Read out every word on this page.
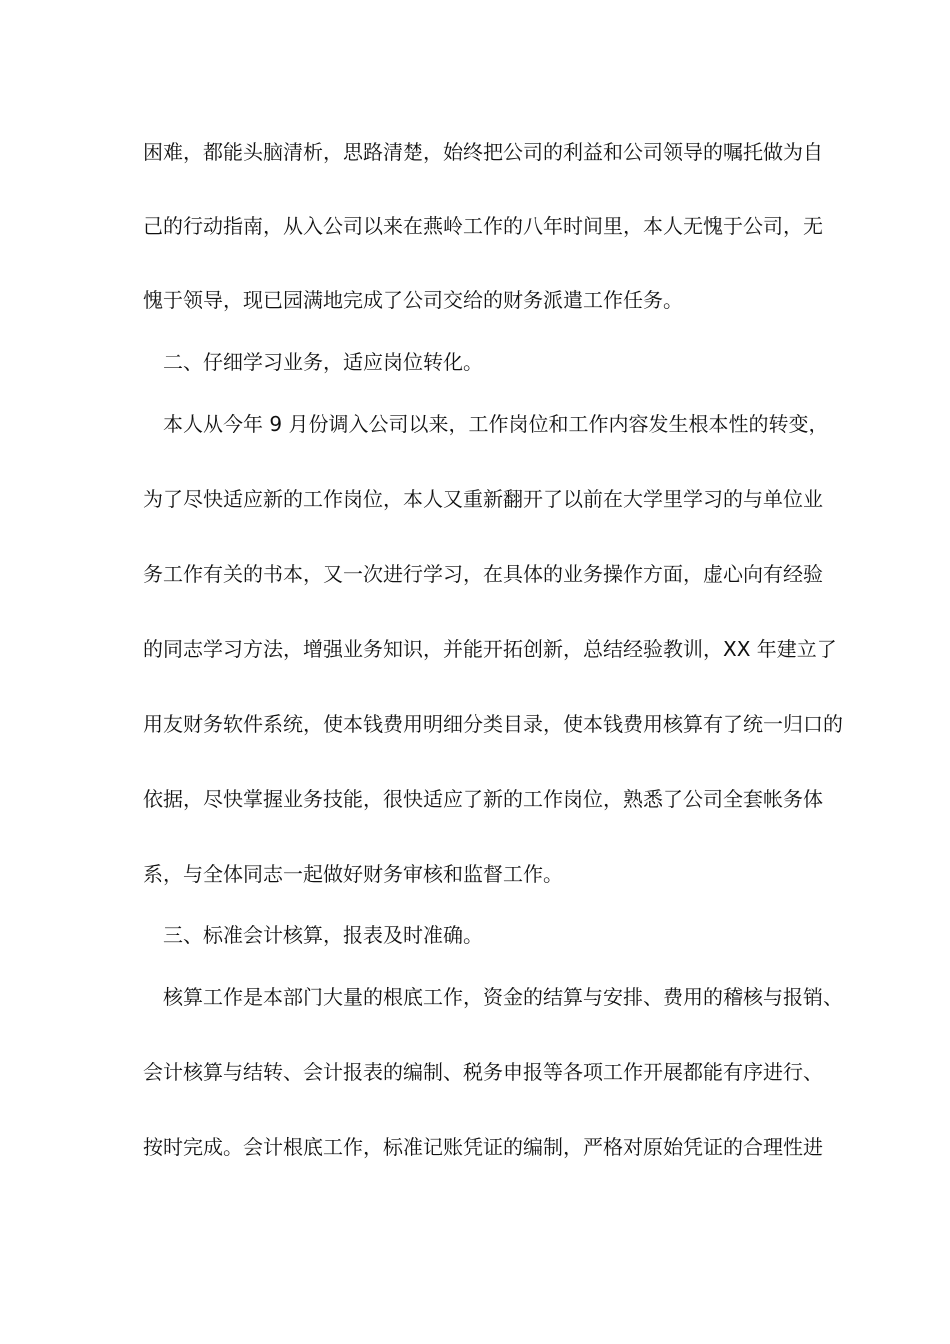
困难，都能头脑清析，思路清楚，始终把公司的利益和公司领导的嘱托做为自
己的行动指南，从入公司以来在燕岭工作的八年时间里，本人无愧于公司，无
愧于领导，现已园满地完成了公司交给的财务派遣工作任务。
二、仔细学习业务，适应岗位转化。
本人从今年 9 月份调入公司以来，工作岗位和工作内容发生根本性的转变，
为了尽快适应新的工作岗位，本人又重新翻开了以前在大学里学习的与单位业
务工作有关的书本，又一次进行学习，在具体的业务操作方面，虚心向有经验
的同志学习方法，增强业务知识，并能开拓创新，总结经验教训，XX 年建立了
用友财务软件系统，使本钱费用明细分类目录，使本钱费用核算有了统一归口的
依据，尽快掌握业务技能，很快适应了新的工作岗位，熟悉了公司全套帐务体
系，与全体同志一起做好财务审核和监督工作。
三、标准会计核算，报表及时准确。
核算工作是本部门大量的根底工作，资金的结算与安排、费用的稽核与报销、
会计核算与结转、会计报表的编制、税务申报等各项工作开展都能有序进行、
按时完成。会计根底工作，标准记账凭证的编制，严格对原始凭证的合理性进
